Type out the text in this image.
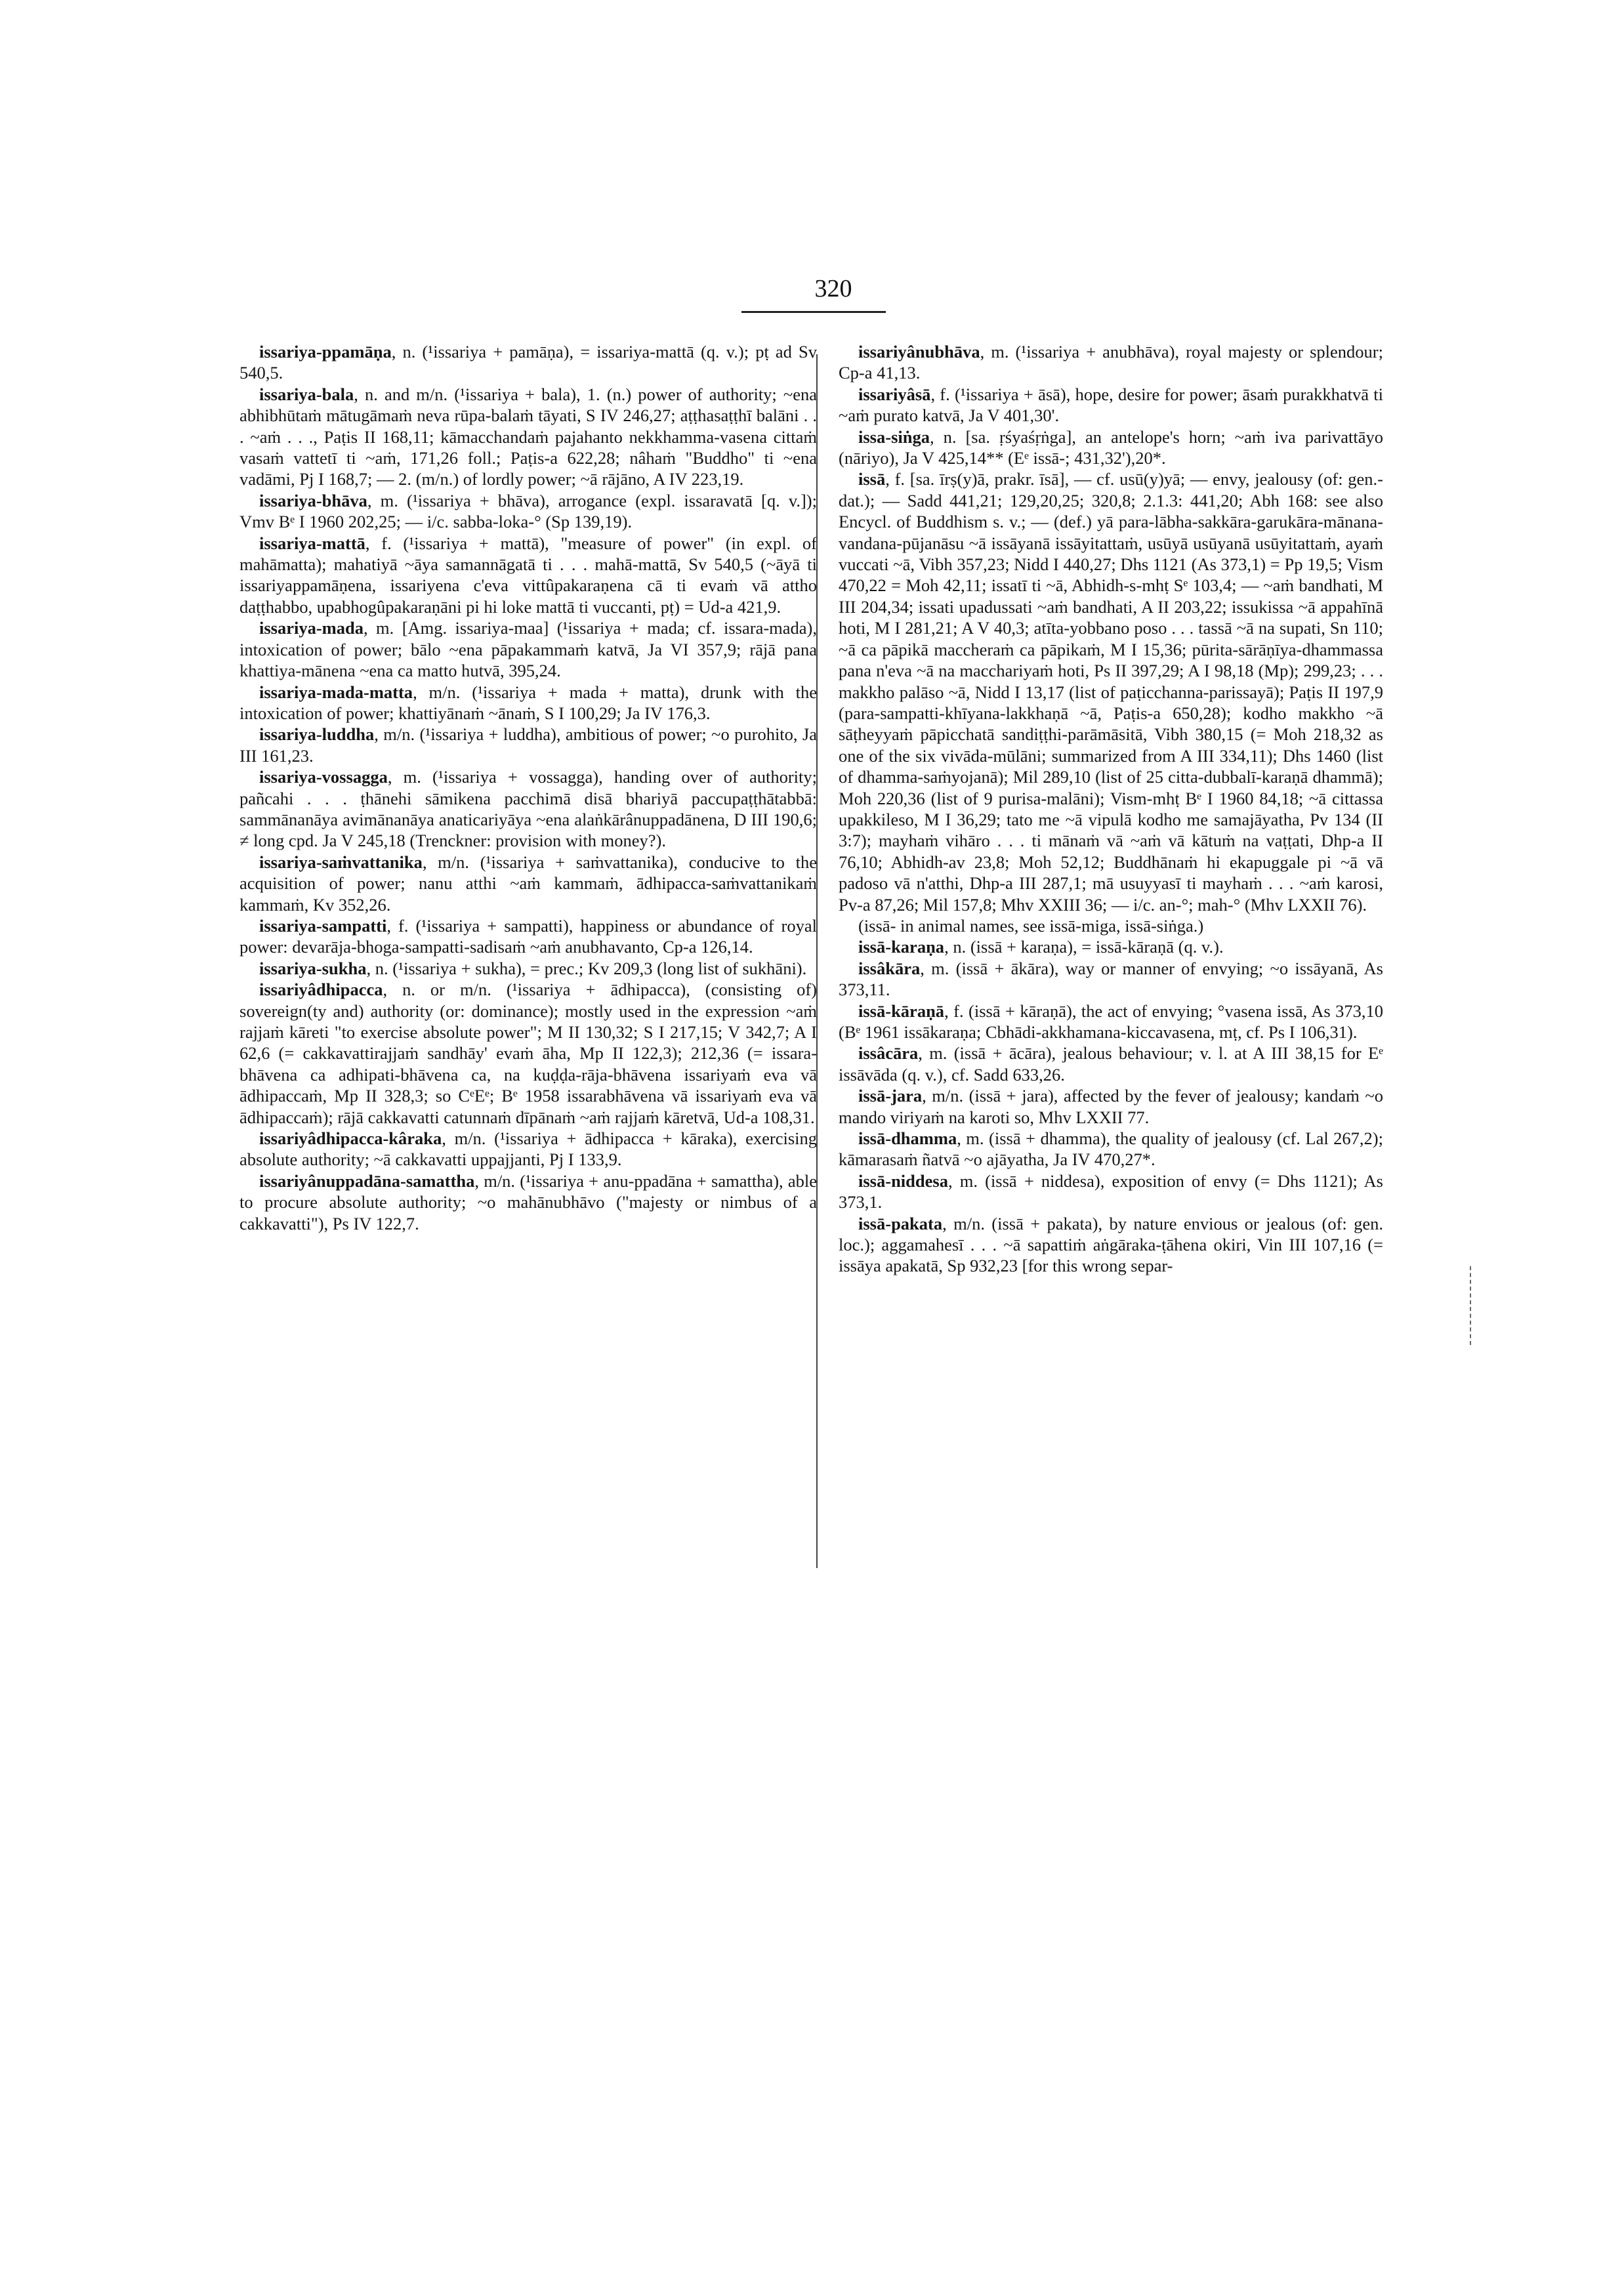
320

issariya-ppamāṇa, n. (¹issariya + pamāṇa), = issariya-mattā (q. v.); pṭ ad Sv 540,5.

issariya-bala, n. and m/n. (¹issariya + bala), 1. (n.) power of authority; ~ena abhibhūtaṁ mātugāmaṁ neva rūpa-balaṁ tāyati, S IV 246,27; aṭṭhasaṭṭhī balāni . . . ~aṁ . . ., Paṭis II 168,11; kāmacchandaṁ pajahanto nekkhamma-vasena cittaṁ vasaṁ vattetī ti ~aṁ, 171,26 foll.; Paṭis-a 622,28; nâhaṁ "Buddho" ti ~ena vadāmi, Pj I 168,7; — 2. (m/n.) of lordly power; ~ā rājāno, A IV 223,19.

issariya-bhāva, m. (¹issariya + bhāva), arrogance (expl. issaravatā [q. v.]); Vmv Bᵉ I 1960 202,25; — i/c. sabba-loka-° (Sp 139,19).

issariya-mattā, f. (¹issariya + mattā), "measure of power" (in expl. of mahāmatta); mahatiyā ~āya samannāgatā ti . . . mahā-mattā, Sv 540,5 (~āyā ti issariyappamāṇena, issariyena c'eva vittûpakaraṇena cā ti evaṁ vā attho daṭṭhabbo, upabhogûpakaraṇāni pi hi loke mattā ti vuccanti, pṭ) = Ud-a 421,9.

issariya-mada, m. [Amg. issariya-maa] (¹issariya + mada; cf. issara-mada), intoxication of power; bālo ~ena pāpakammaṁ katvā, Ja VI 357,9; rājā pana khattiya-mānena ~ena ca matto hutvā, 395,24.

issariya-mada-matta, m/n. (¹issariya + mada + matta), drunk with the intoxication of power; khattiyānaṁ ~ānaṁ, S I 100,29; Ja IV 176,3.

issariya-luddha, m/n. (¹issariya + luddha), ambitious of power; ~o purohito, Ja III 161,23.

issariya-vossagga, m. (¹issariya + vossagga), handing over of authority; pañcahi . . . ṭhānehi sāmikena pacchimā disā bhariyā paccupaṭṭhātabbā: sammānanāya avimānanāya anaticariyāya ~ena alaṅkārânuppadānena, D III 190,6; ≠ long cpd. Ja V 245,18 (Trenckner: provision with money?).

issariya-saṁvattanika, m/n. (¹issariya + saṁvattanika), conducive to the acquisition of power; nanu atthi ~aṁ kammaṁ, ādhipacca-saṁvattanikaṁ kammaṁ, Kv 352,26.

issariya-sampatti, f. (¹issariya + sampatti), happiness or abundance of royal power: devarāja-bhoga-sampatti-sadisaṁ ~aṁ anubhavanto, Cp-a 126,14.

issariya-sukha, n. (¹issariya + sukha), = prec.; Kv 209,3 (long list of sukhāni).

issariyâdhipacca, n. or m/n. (¹issariya + ādhipacca), (consisting of) sovereign(ty and) authority (or: dominance); mostly used in the expression ~aṁ rajjaṁ kāreti "to exercise absolute power"; M II 130,32; S I 217,15; V 342,7; A I 62,6 (= cakkavattirajjaṁ sandhāy' evaṁ āha, Mp II 122,3); 212,36 (= issara-bhāvena ca adhipati-bhāvena ca, na kuḍḍa-rāja-bhāvena issariyaṁ eva vā ādhipaccaṁ, Mp II 328,3; so CᵉEᵉ; Bᵉ 1958 issarabhāvena vā issariyaṁ eva vā ādhipaccaṁ); rājā cakkavatti catunnaṁ dīpānaṁ ~aṁ rajjaṁ kāretvā, Ud-a 108,31.

issariyâdhipacca-kâraka, m/n. (¹issariya + ādhipacca + kāraka), exercising absolute authority; ~ā cakkavatti uppajjanti, Pj I 133,9.

issariyânuppadāna-samattha, m/n. (¹issariya + anu-ppadāna + samattha), able to procure absolute authority; ~o mahānubhāvo ("majesty or nimbus of a cakkavatti"), Ps IV 122,7.

issariyânubhāva, m. (¹issariya + anubhāva), royal majesty or splendour; Cp-a 41,13.

issariyâsā, f. (¹issariya + āsā), hope, desire for power; āsaṁ purakkhatvā ti ~aṁ purato katvā, Ja V 401,30'.

issa-siṅga, n. [sa. ṛśyaśṛṅga], an antelope's horn; ~aṁ iva parivattāyo (nāriyo), Ja V 425,14** (Eᵉ issā-; 431,32'),20*.

issā, f. [sa. īrṣ(y)ā, prakr. īsā], — cf. usū(y)yā; — envy, jealousy (of: gen.-dat.); — Sadd 441,21; 129,20,25; 320,8; 2.1.3: 441,20; Abh 168: see also Encycl. of Buddhism s. v.; — (def.) yā para-lābha-sakkāra-garukāra-mānana-vandana-pūjanāsu ~ā issāyanā issāyitattaṁ, usūyā usūyanā usūyitattaṁ, ayaṁ vuccati ~ā, Vibh 357,23; Nidd I 440,27; Dhs 1121 (As 373,1) = Pp 19,5; Vism 470,22 = Moh 42,11; issatī ti ~ā, Abhidh-s-mhṭ Sᵉ 103,4; — ~aṁ bandhati, M III 204,34; issati upadussati ~aṁ bandhati, A II 203,22; issukissa ~ā appahīnā hoti, M I 281,21; A V 40,3; atīta-yobbano poso . . . tassā ~ā na supati, Sn 110; ~ā ca pāpikā maccheraṁ ca pāpikaṁ, M I 15,36; pūrita-sārāṇīya-dhammassa pana n'eva ~ā na macchariyaṁ hoti, Ps II 397,29; A I 98,18 (Mp); 299,23; . . . makkho palāso ~ā, Nidd I 13,17 (list of paṭicchanna-parissayā); Paṭis II 197,9 (para-sampatti-khīyana-lakkhaṇā ~ā, Paṭis-a 650,28); kodho makkho ~ā sāṭheyyaṁ pāpicchatā sandiṭṭhi-parāmāsitā, Vibh 380,15 (= Moh 218,32 as one of the six vivāda-mūlāni; summarized from A III 334,11); Dhs 1460 (list of dhamma-saṁyojanā); Mil 289,10 (list of 25 citta-dubbalī-karaṇā dhammā); Moh 220,36 (list of 9 purisa-malāni); Vism-mhṭ Bᵉ I 1960 84,18; ~ā cittassa upakkileso, M I 36,29; tato me ~ā vipulā kodho me samajāyatha, Pv 134 (II 3:7); mayhaṁ vihāro . . . ti mānaṁ vā ~aṁ vā kātuṁ na vaṭṭati, Dhp-a II 76,10; Abhidh-av 23,8; Moh 52,12; Buddhānaṁ hi ekapuggale pi ~ā vā padoso vā n'atthi, Dhp-a III 287,1; mā usuyyasī ti mayhaṁ . . . ~aṁ karosi, Pv-a 87,26; Mil 157,8; Mhv XXIII 36; — i/c. an-°; mah-° (Mhv LXXII 76).

(issā- in animal names, see issā-miga, issā-siṅga.)

issā-karaṇa, n. (issā + karaṇa), = issā-kāraṇā (q. v.).

issâkāra, m. (issā + ākāra), way or manner of envying; ~o issāyanā, As 373,11.

issā-kāraṇā, f. (issā + kāraṇā), the act of envying; °vasena issā, As 373,10 (Bᵉ 1961 issākaraṇa; Cbhādi-akkhamana-kiccavasena, mṭ, cf. Ps I 106,31).

issâcāra, m. (issā + ācāra), jealous behaviour; v. l. at A III 38,15 for Eᵉ issāvāda (q. v.), cf. Sadd 633,26.

issā-jara, m/n. (issā + jara), affected by the fever of jealousy; kandaṁ ~o mando viriyaṁ na karoti so, Mhv LXXII 77.

issā-dhamma, m. (issā + dhamma), the quality of jealousy (cf. Lal 267,2); kāmarasaṁ ñatvā ~o ajāyatha, Ja IV 470,27*.

issā-niddesa, m. (issā + niddesa), exposition of envy (= Dhs 1121); As 373,1.

issā-pakata, m/n. (issā + pakata), by nature envious or jealous (of: gen. loc.); aggamahesī . . . ~ā sapattiṁ aṅgāraka-ṭāhena okiri, Vin III 107,16 (= issāya apakatā, Sp 932,23 [for this wrong separ-
